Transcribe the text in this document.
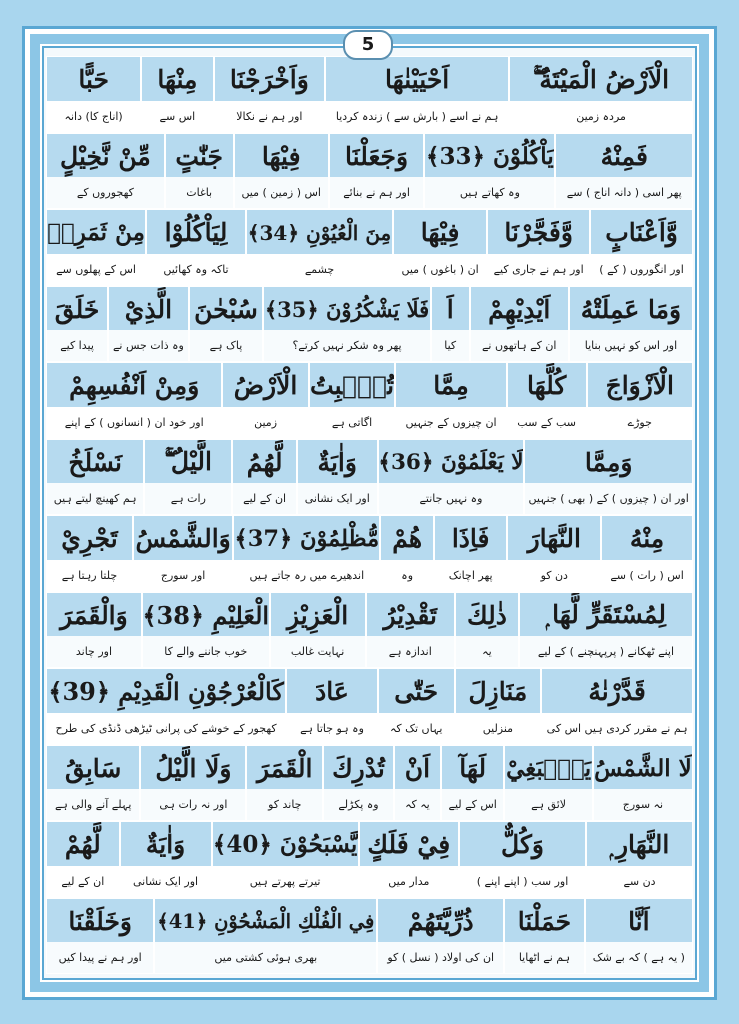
5
الْاَرْضُ الْمَيْتَةُ ۖۚ
مردہ زمین
اَحْيَيْنٰهَا
ہم نے اسے ( بارش سے ) زندہ کردیا
وَاَخْرَجْنَا
اور ہم نے نکالا
مِنْهَا
اس سے
حَبًّا
(اناج کا) دانہ
فَمِنْهُ
پھر اسی ( دانہ اناج ) سے
يَاْكُلُوْنَ ﴿33﴾
وہ کھاتے ہیں
وَجَعَلْنَا
اور ہم نے بنائے
فِيْهَا
اس ( زمین ) میں
جَنّٰتٍ
باغات
مِّنْ نَّخِيْلٍ
کھجوروں کے
وَّاَعْنَابٍ
اور انگوروں ( کے )
وَّفَجَّرْنَا
اور ہم نے جاری کیے
فِيْهَا
ان ( باغوں ) میں
مِنَ الْعُيُوْنِ ﴿34﴾
چشمے
لِيَاْكُلُوْا
تاکہ وہ کھائیں
مِنْ ثَمَرِهٖ
اس کے پھلوں سے
وَمَا عَمِلَتْهُ
اور اس کو نہیں بنایا
اَيْدِيْهِمْ
ان کے ہاتھوں نے
اَ
کیا
فَلَا يَشْكُرُوْنَ ﴿35﴾
پھر وہ شکر نہیں کرتے؟
سُبْحٰنَ
پاک ہے
الَّذِيْ
وہ ذات جس نے
خَلَقَ
پیدا کیے
الْاَزْوَاجَ
جوڑے
كُلَّهَا
سب کے سب
مِمَّا
ان چیزوں کے جنہیں
تُنْۢبِتُ
اگاتی ہے
الْاَرْضُ
زمین
وَمِنْ اَنْفُسِهِمْ
اور خود ان ( انسانوں ) کے اپنے
وَمِمَّا
اور ان ( چیزوں ) کے ( بھی ) جنہیں
لَا يَعْلَمُوْنَ ﴿36﴾
وہ نہیں جانتے
وَاٰيَةٌ
اور ایک نشانی
لَّهُمُ
ان کے لیے
الَّيْلُ ۚۖ
رات ہے
نَسْلَخُ
ہم کھینچ لیتے ہیں
مِنْهُ
اس ( رات ) سے
النَّهَارَ
دن کو
فَاِذَا
پھر اچانک
هُمْ
وہ
مُّظْلِمُوْنَ ﴿37﴾
اندھیرے میں رہ جاتے ہیں
وَالشَّمْسُ
اور سورج
تَجْرِيْ
چلتا رہتا ہے
لِمُسْتَقَرٍّ لَّهَا ۭ
اپنے ٹھکانے ( پرپہنچنے ) کے لیے
ذٰلِكَ
یہ
تَقْدِيْرُ
اندازہ ہے
الْعَزِيْزِ
نہایت غالب
الْعَلِيْمِ ﴿38﴾
خوب جاننے والے کا
وَالْقَمَرَ
اور چاند
قَدَّرْنٰهُ
ہم نے مقرر کردی ہیں اس کی
مَنَازِلَ
منزلیں
حَتّٰى
یہاں تک کہ
عَادَ
وہ ہو جاتا ہے
كَالْعُرْجُوْنِ الْقَدِيْمِ ﴿39﴾
کھجور کے خوشے کی پرانی ٹیڑھی ڈنڈی کی طرح
لَا الشَّمْسُ
نہ سورج
يَنْۢبَغِيْ
لائق ہے
لَهَآ
اس کے لیے
اَنْ
یہ کہ
تُدْرِكَ
وہ پکڑلے
الْقَمَرَ
چاند کو
وَلَا الَّيْلُ
اور نہ رات ہی
سَابِقُ
پہلے آنے والی ہے
النَّهَارِ ۭ
دن سے
وَكُلٌّ
اور سب ( اپنے اپنے )
فِيْ فَلَكٍ
مدار میں
يَّسْبَحُوْنَ ﴿40﴾
تیرتے پھرتے ہیں
وَاٰيَةٌ
اور ایک نشانی
لَّهُمْ
ان کے لیے
اَنَّا
( یہ ہے ) کہ بے شک
حَمَلْنَا
ہم نے اٹھایا
ذُرِّيَّتَهُمْ
ان کی اولاد ( نسل ) کو
فِي الْفُلْكِ الْمَشْحُوْنِ ﴿41﴾
بھری ہوئی کشتی میں
وَخَلَقْنَا
اور ہم نے پیدا کیں
